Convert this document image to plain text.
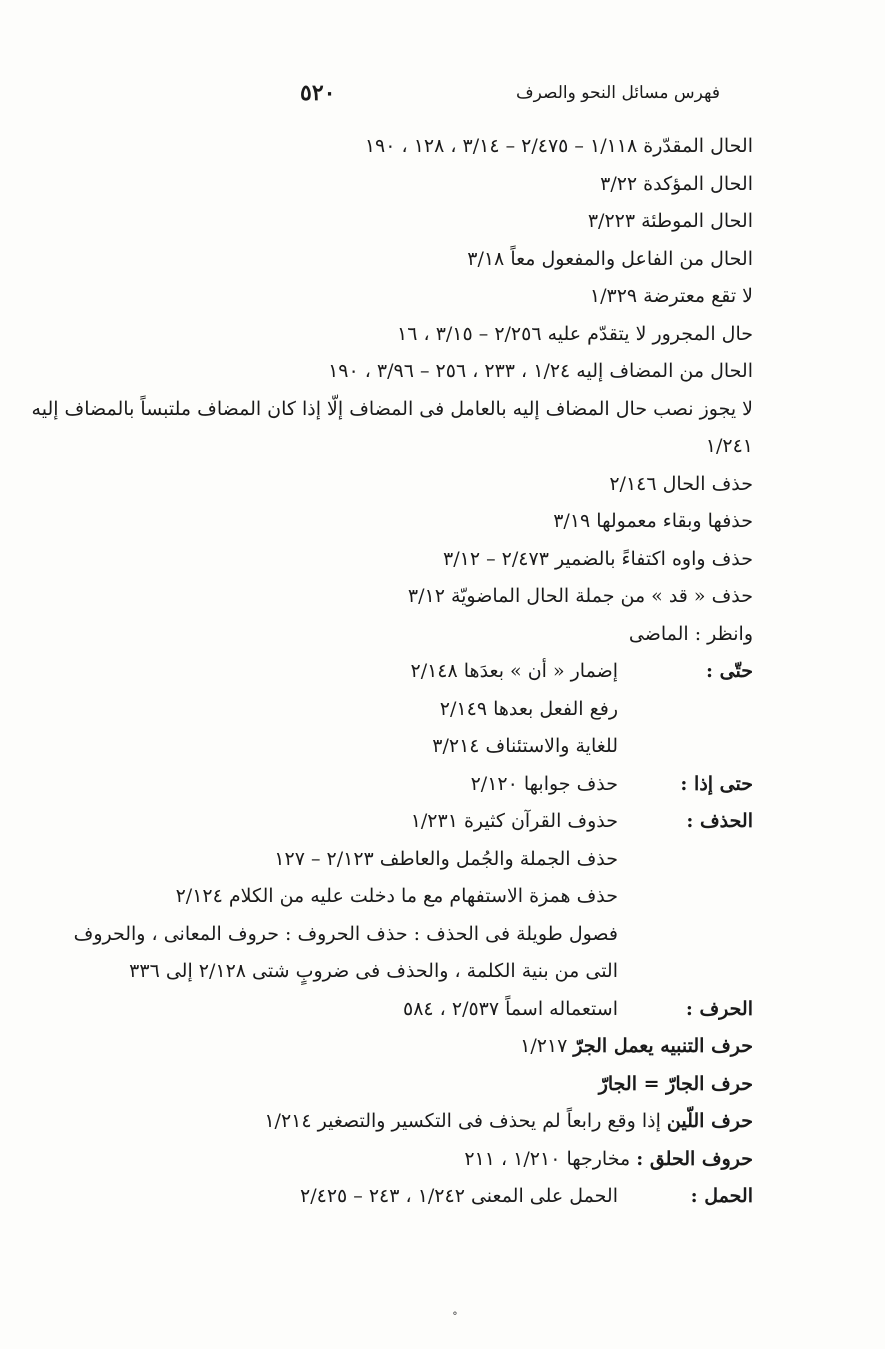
فهرس مسائل النحو والصرف
٥٢٠
الحال المقدّرة ١/١١٨ – ٢/٤٧٥ – ٣/١٤ ، ١٢٨ ، ١٩٠
الحال المؤكدة ٣/٢٢
الحال الموطئة ٣/٢٢٣
الحال من الفاعل والمفعول معاً ٣/١٨
لا تقع معترضة ١/٣٢٩
حال المجرور لا يتقدّم عليه ٢/٢٥٦ – ٣/١٥ ، ١٦
الحال من المضاف إليه ١/٢٤ ، ٢٣٣ ، ٢٥٦ – ٣/٩٦ ، ١٩٠
لا يجوز نصب حال المضاف إليه بالعامل فى المضاف إلّا إذا كان المضاف ملتبساً بالمضاف إليه
١/٢٤١
حذف الحال ٢/١٤٦
حذفها وبقاء معمولها ٣/١٩
حذف واوه اكتفاءً بالضمير ٢/٤٧٣ – ٣/١٢
حذف « قد » من جملة الحال الماضويّة ٣/١٢
وانظر : الماضى
حتّى :
إضمار « أن » بعدَها ٢/١٤٨
رفع الفعل بعدها ٢/١٤٩
للغاية والاستئناف ٣/٢١٤
حتى إذا :
حذف جوابها ٢/١٢٠
الحذف :
حذوف القرآن كثيرة ١/٢٣١
حذف الجملة والجُمل والعاطف ٢/١٢٣ – ١٢٧
حذف همزة الاستفهام مع ما دخلت عليه من الكلام ٢/١٢٤
فصول طويلة فى الحذف : حذف الحروف : حروف المعانى ، والحروف
التى من بنية الكلمة ، والحذف فى ضروبٍ شتى ٢/١٢٨ إلى ٣٣٦
الحرف :
استعماله اسماً ٢/٥٣٧ ، ٥٨٤
حرف التنبيه يعمل الجرّ ١/٢١٧
حرف الجارّ = الجارّ
حرف اللّين إذا وقع رابعاً لم يحذف فى التكسير والتصغير ١/٢١٤
حروف الحلق : مخارجها ١/٢١٠ ، ٢١١
الحمل :
الحمل على المعنى ١/٢٤٢ ، ٢٤٣ – ٢/٤٢٥
∘
